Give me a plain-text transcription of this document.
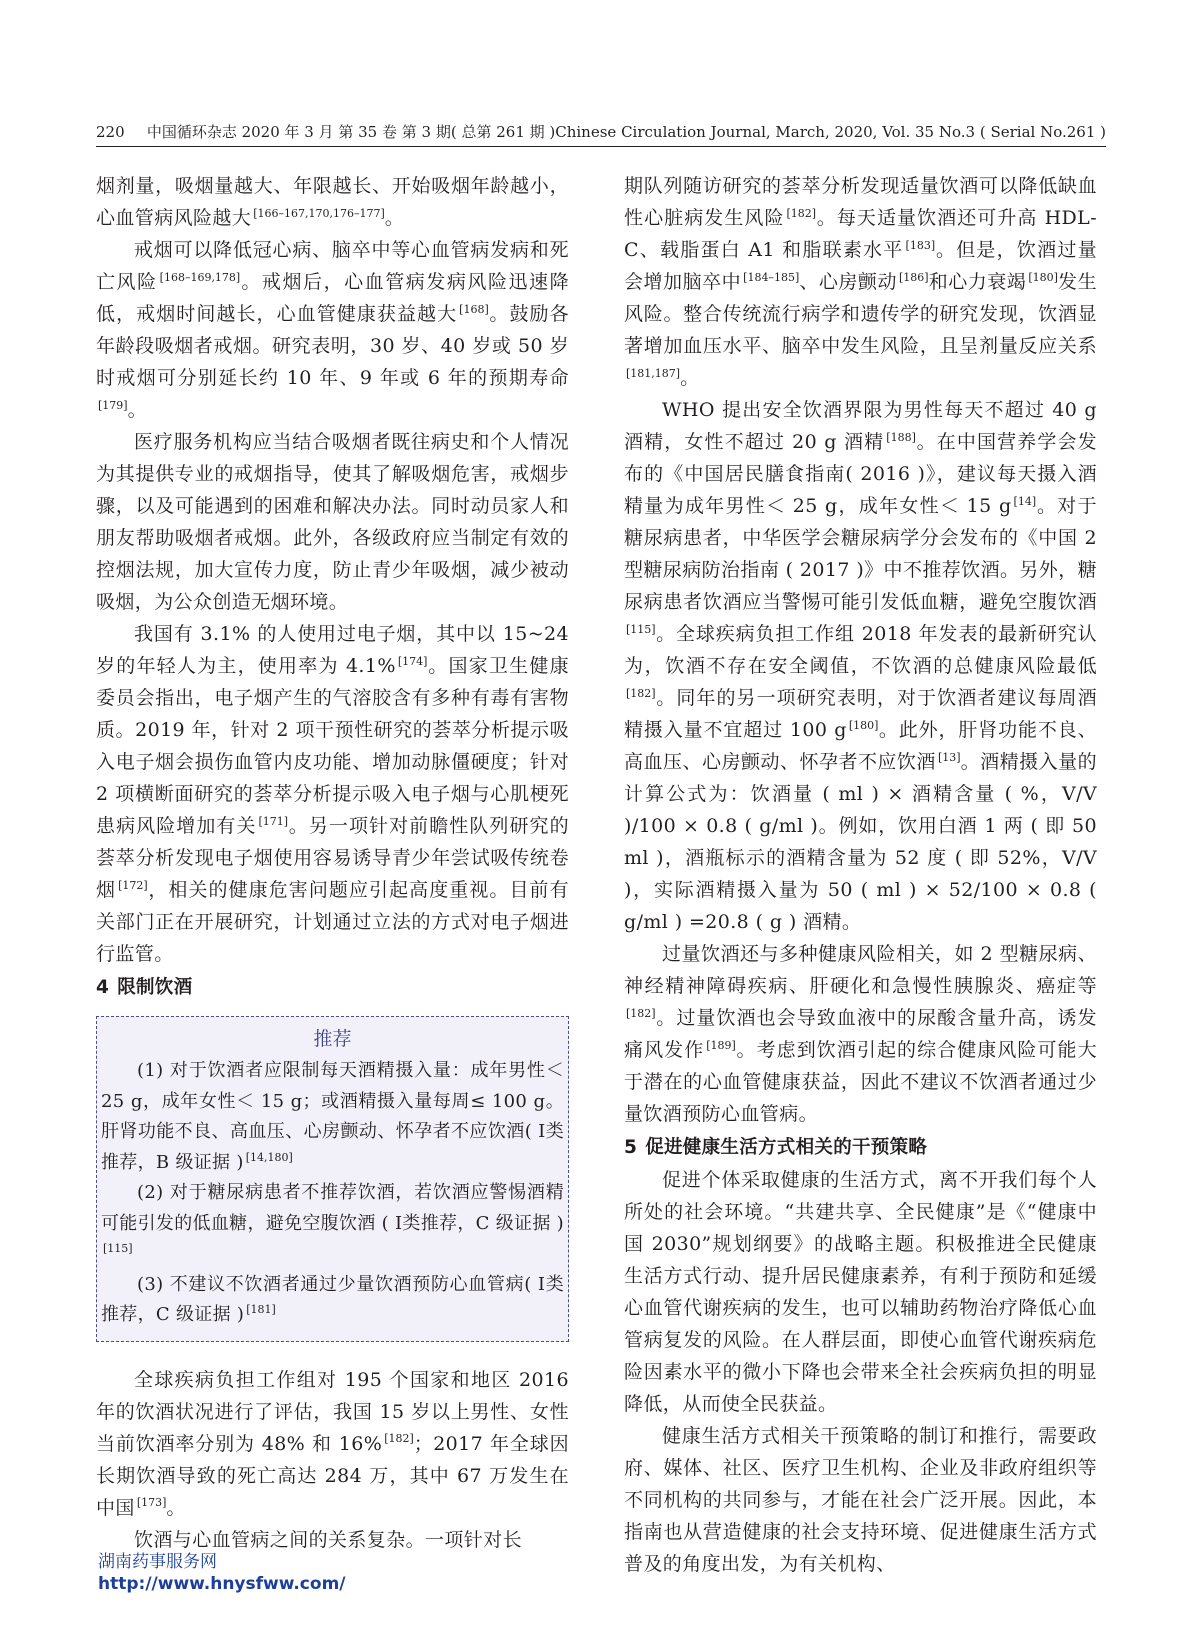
220 中国循环杂志 2020 年 3 月 第 35 卷 第 3 期( 总第 261 期 )Chinese Circulation Journal, March, 2020, Vol. 35 No.3 ( Serial No.261 )

烟剂量，吸烟量越大、年限越长、开始吸烟年龄越小，心血管病风险越大 [166–167,170,176–177]。

戒烟可以降低冠心病、脑卒中等心血管病发病和死亡风险 [168–169,178]。戒烟后，心血管病发病风险迅速降低，戒烟时间越长，心血管健康获益越大 [168]。鼓励各年龄段吸烟者戒烟。研究表明，30 岁、40 岁或 50 岁时戒烟可分别延长约 10 年、9 年或 6 年的预期寿命[179]。

医疗服务机构应当结合吸烟者既往病史和个人情况为其提供专业的戒烟指导，使其了解吸烟危害，戒烟步骤，以及可能遇到的困难和解决办法。同时动员家人和朋友帮助吸烟者戒烟。此外，各级政府应当制定有效的控烟法规，加大宣传力度，防止青少年吸烟，减少被动吸烟，为公众创造无烟环境。

我国有 3.1% 的人使用过电子烟，其中以 15~24 岁的年轻人为主，使用率为 4.1% [174]。国家卫生健康委员会指出，电子烟产生的气溶胶含有多种有毒有害物质。2019 年，针对 2 项干预性研究的荟萃分析提示吸入电子烟会损伤血管内皮功能、增加动脉僵硬度；针对 2 项横断面研究的荟萃分析提示吸入电子烟与心肌梗死患病风险增加有关 [171]。另一项针对前瞻性队列研究的荟萃分析发现电子烟使用容易诱导青少年尝试吸传统卷烟 [172]，相关的健康危害问题应引起高度重视。目前有关部门正在开展研究，计划通过立法的方式对电子烟进行监管。

4 限制饮酒
推荐

(1) 对于饮酒者应限制每天酒精摄入量：成年男性＜ 25 g，成年女性＜ 15 g；或酒精摄入量每周≤ 100 g。肝肾功能不良、高血压、心房颤动、怀孕者不应饮酒( Ⅰ类推荐，B 级证据 ) [14,180]

(2) 对于糖尿病患者不推荐饮酒，若饮酒应警惕酒精可能引发的低血糖，避免空腹饮酒 ( Ⅰ类推荐，C 级证据 )[115]

(3) 不建议不饮酒者通过少量饮酒预防心血管病( Ⅰ类推荐，C 级证据 ) [181]

全球疾病负担工作组对 195 个国家和地区 2016 年的饮酒状况进行了评估，我国 15 岁以上男性、女性当前饮酒率分别为 48% 和 16% [182]；2017 年全球因长期饮酒导致的死亡高达 284 万，其中 67 万发生在中国 [173]。

饮酒与心血管病之间的关系复杂。一项针对长

期队列随访研究的荟萃分析发现适量饮酒可以降低缺血性心脏病发生风险 [182]。每天适量饮酒还可升高 HDL-C、载脂蛋白 A1 和脂联素水平 [183]。但是，饮酒过量会增加脑卒中 [184–185]、心房颤动 [186]和心力衰竭 [180]发生风险。整合传统流行病学和遗传学的研究发现，饮酒显著增加血压水平、脑卒中发生风险，且呈剂量反应关系[181,187]。

WHO 提出安全饮酒界限为男性每天不超过 40 g 酒精，女性不超过 20 g 酒精 [188]。在中国营养学会发布的《中国居民膳食指南( 2016 )》，建议每天摄入酒精量为成年男性＜ 25 g，成年女性＜ 15 g [14]。对于糖尿病患者，中华医学会糖尿病学分会发布的《中国 2 型糖尿病防治指南 ( 2017 )》中不推荐饮酒。另外，糖尿病患者饮酒应当警惕可能引发低血糖，避免空腹饮酒[115]。全球疾病负担工作组 2018 年发表的最新研究认为，饮酒不存在安全阈值，不饮酒的总健康风险最低[182]。同年的另一项研究表明，对于饮酒者建议每周酒精摄入量不宜超过 100 g [180]。此外，肝肾功能不良、高血压、心房颤动、怀孕者不应饮酒 [13]。酒精摄入量的计算公式为：饮酒量 ( ml ) × 酒精含量 ( %，V/V )/100 × 0.8 ( g/ml )。例如，饮用白酒 1 两 ( 即 50 ml )，酒瓶标示的酒精含量为 52 度 ( 即 52%，V/V )，实际酒精摄入量为 50 ( ml ) × 52/100 × 0.8 ( g/ml ) =20.8 ( g ) 酒精。

过量饮酒还与多种健康风险相关，如 2 型糖尿病、神经精神障碍疾病、肝硬化和急慢性胰腺炎、癌症等[182]。过量饮酒也会导致血液中的尿酸含量升高，诱发痛风发作 [189]。考虑到饮酒引起的综合健康风险可能大于潜在的心血管健康获益，因此不建议不饮酒者通过少量饮酒预防心血管病。

5 促进健康生活方式相关的干预策略

促进个体采取健康的生活方式，离不开我们每个人所处的社会环境。“共建共享、全民健康”是《“健康中国 2030”规划纲要》的战略主题。积极推进全民健康生活方式行动、提升居民健康素养，有利于预防和延缓心血管代谢疾病的发生，也可以辅助药物治疗降低心血管病复发的风险。在人群层面，即使心血管代谢疾病危险因素水平的微小下降也会带来全社会疾病负担的明显降低，从而使全民获益。

健康生活方式相关干预策略的制订和推行，需要政府、媒体、社区、医疗卫生机构、企业及非政府组织等不同机构的共同参与，才能在社会广泛开展。因此，本指南也从营造健康的社会支持环境、促进健康生活方式普及的角度出发，为有关机构、

湖南药事服务网
http://www.hnysfww.com/
